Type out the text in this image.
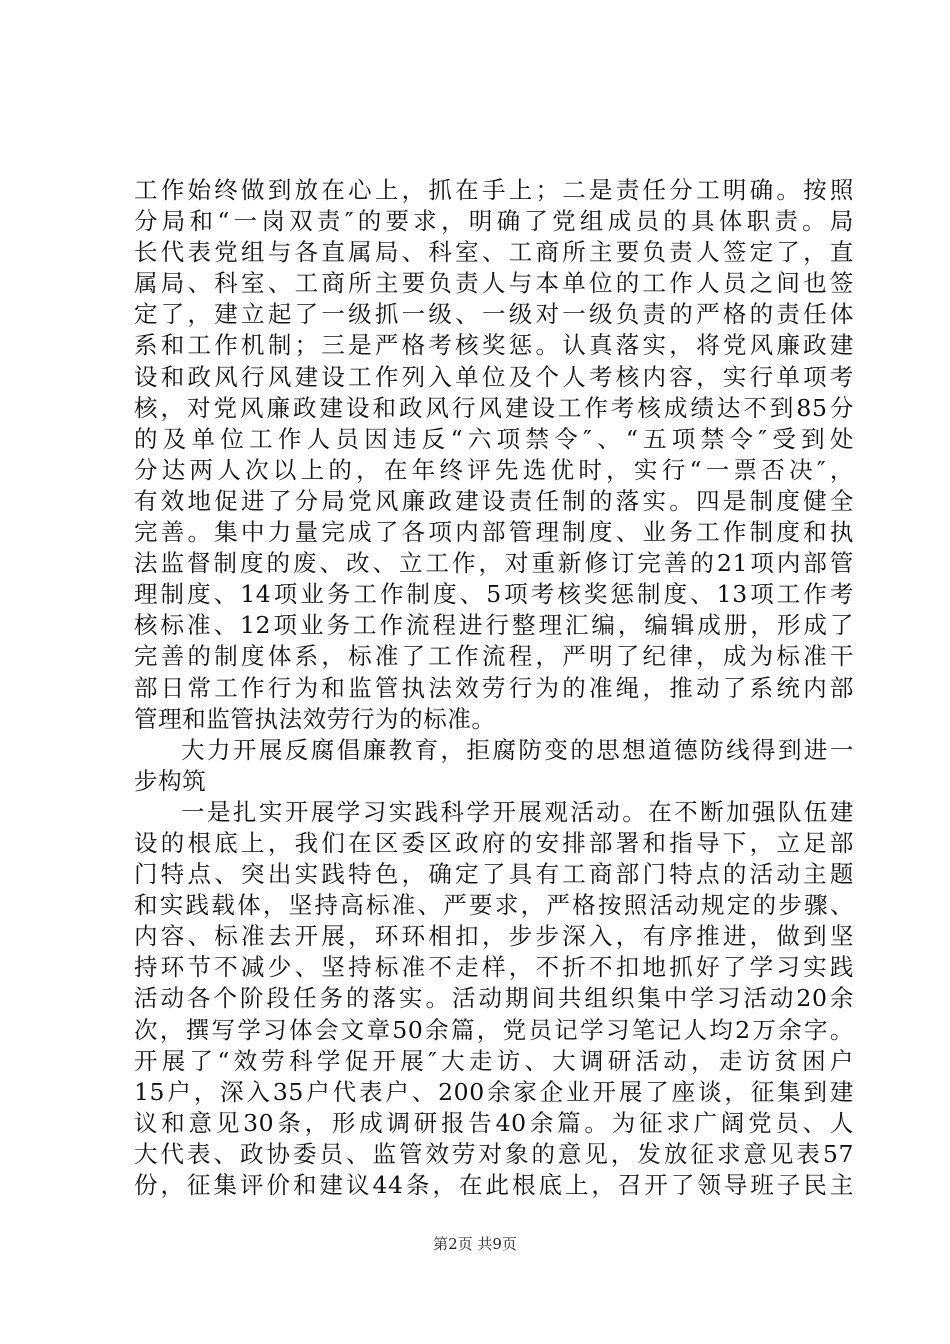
工作始终做到放在心上，抓在手上；二是责任分工明确。按照
分局和“一岗双责″的要求，明确了党组成员的具体职责。局
长代表党组与各直属局、科室、工商所主要负责人签定了，直
属局、科室、工商所主要负责人与本单位的工作人员之间也签
定了，建立起了一级抓一级、一级对一级负责的严格的责任体
系和工作机制；三是严格考核奖惩。认真落实，将党风廉政建
设和政风行风建设工作列入单位及个人考核内容，实行单项考
核，对党风廉政建设和政风行风建设工作考核成绩达不到85分
的及单位工作人员因违反“六项禁令″、“五项禁令″受到处
分达两人次以上的，在年终评先选优时，实行“一票否决″，
有效地促进了分局党风廉政建设责任制的落实。四是制度健全
完善。集中力量完成了各项内部管理制度、业务工作制度和执
法监督制度的废、改、立工作，对重新修订完善的21项内部管
理制度、14项业务工作制度、5项考核奖惩制度、13项工作考
核标准、12项业务工作流程进行整理汇编，编辑成册，形成了
完善的制度体系，标准了工作流程，严明了纪律，成为标准干
部日常工作行为和监管执法效劳行为的准绳，推动了系统内部
管理和监管执法效劳行为的标准。
大力开展反腐倡廉教育，拒腐防变的思想道德防线得到进一
步构筑
一是扎实开展学习实践科学开展观活动。在不断加强队伍建
设的根底上，我们在区委区政府的安排部署和指导下，立足部
门特点、突出实践特色，确定了具有工商部门特点的活动主题
和实践载体，坚持高标准、严要求，严格按照活动规定的步骤、
内容、标准去开展，环环相扣，步步深入，有序推进，做到坚
持环节不减少、坚持标准不走样，不折不扣地抓好了学习实践
活动各个阶段任务的落实。活动期间共组织集中学习活动20余
次，撰写学习体会文章50余篇，党员记学习笔记人均2万余字。
开展了“效劳科学促开展″大走访、大调研活动，走访贫困户
15户，深入35户代表户、200余家企业开展了座谈，征集到建
议和意见30条，形成调研报告40余篇。为征求广阔党员、人
大代表、政协委员、监管效劳对象的意见，发放征求意见表57
份，征集评价和建议44条，在此根底上，召开了领导班子民主
第2页 共9页
